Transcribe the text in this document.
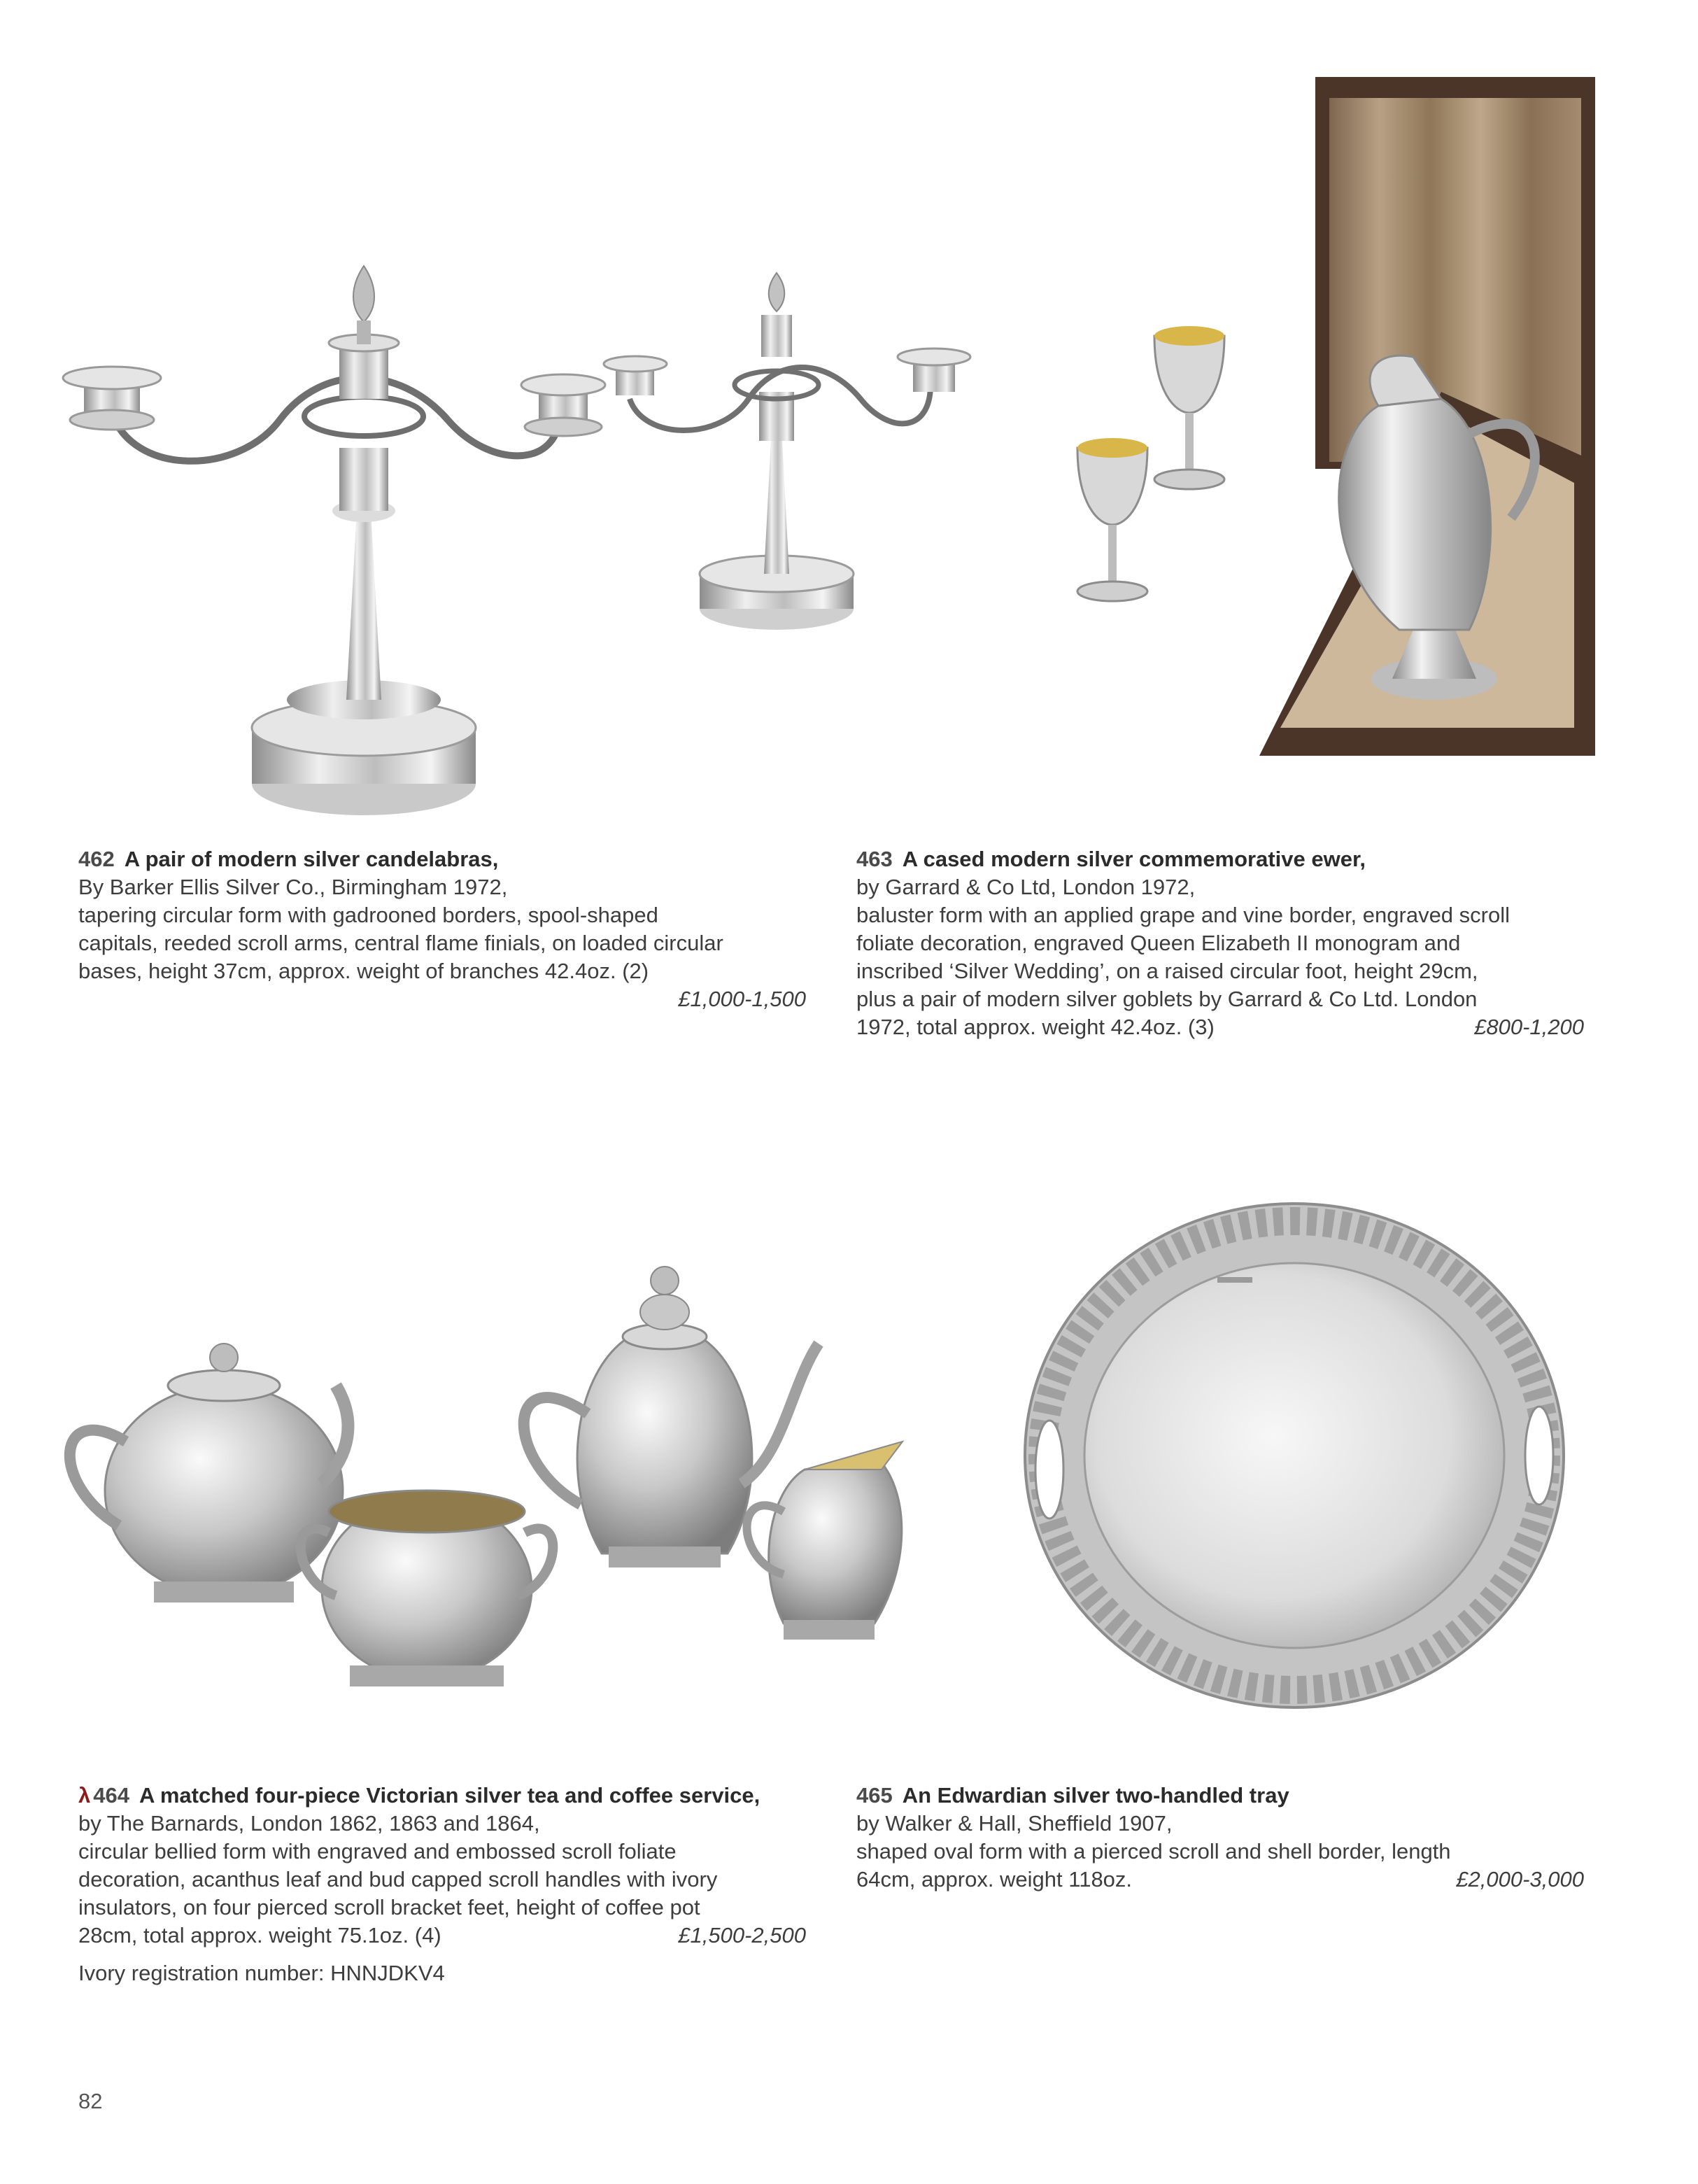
462 A pair of modern silver candelabras,
By Barker Ellis Silver Co., Birmingham 1972,
tapering circular form with gadrooned borders, spool-shaped
capitals, reeded scroll arms, central flame finials, on loaded circular
bases, height 37cm, approx. weight of branches 42.4oz. (2)
£1,000-1,500
463 A cased modern silver commemorative ewer,
by Garrard & Co Ltd, London 1972,
baluster form with an applied grape and vine border, engraved scroll
foliate decoration, engraved Queen Elizabeth II monogram and
inscribed ‘Silver Wedding’, on a raised circular foot, height 29cm,
plus a pair of modern silver goblets by Garrard & Co Ltd. London
1972, total approx. weight 42.4oz. (3)	£800-1,200
λ 464 A matched four-piece Victorian silver tea and coffee service,
by The Barnards, London 1862, 1863 and 1864,
circular bellied form with engraved and embossed scroll foliate
decoration, acanthus leaf and bud capped scroll handles with ivory
insulators, on four pierced scroll bracket feet, height of coffee pot
28cm, total approx. weight 75.1oz. (4)	£1,500-2,500
Ivory registration number: HNNJDKV4
465 An Edwardian silver two-handled tray
by Walker & Hall, Sheffield 1907,
shaped oval form with a pierced scroll and shell border, length
64cm, approx. weight 118oz.	£2,000-3,000
82
